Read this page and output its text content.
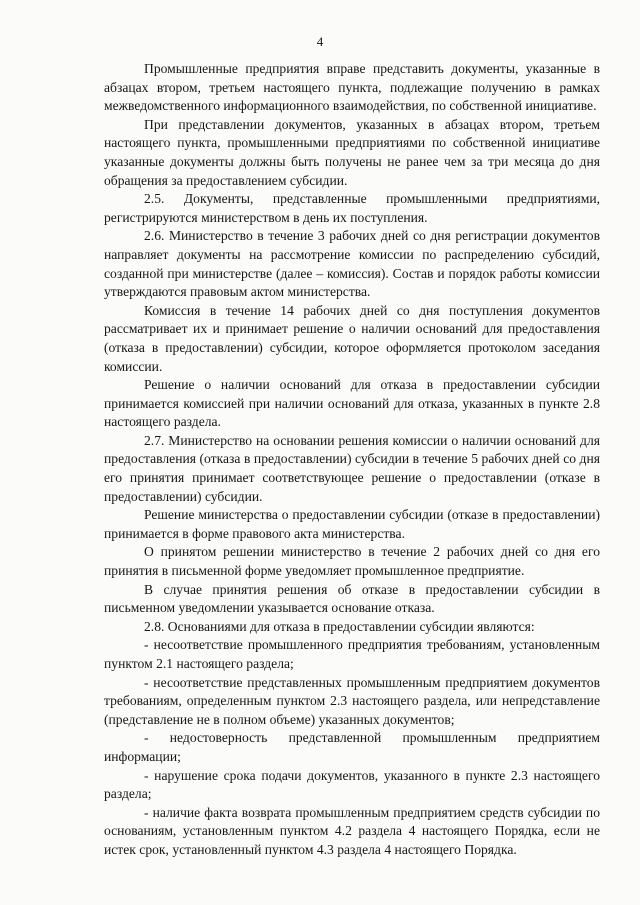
4

Промышленные предприятия вправе представить документы, указанные в абзацах втором, третьем настоящего пункта, подлежащие получению в рамках межведомственного информационного взаимодействия, по собственной инициативе.

При представлении документов, указанных в абзацах втором, третьем настоящего пункта, промышленными предприятиями по собственной инициативе указанные документы должны быть получены не ранее чем за три месяца до дня обращения за предоставлением субсидии.

2.5. Документы, представленные промышленными предприятиями, регистрируются министерством в день их поступления.

2.6. Министерство в течение 3 рабочих дней со дня регистрации документов направляет документы на рассмотрение комиссии по распределению субсидий, созданной при министерстве (далее – комиссия). Состав и порядок работы комиссии утверждаются правовым актом министерства.

Комиссия в течение 14 рабочих дней со дня поступления документов рассматривает их и принимает решение о наличии оснований для предоставления (отказа в предоставлении) субсидии, которое оформляется протоколом заседания комиссии.

Решение о наличии оснований для отказа в предоставлении субсидии принимается комиссией при наличии оснований для отказа, указанных в пункте 2.8 настоящего раздела.

2.7. Министерство на основании решения комиссии о наличии оснований для предоставления (отказа в предоставлении) субсидии в течение 5 рабочих дней со дня его принятия принимает соответствующее решение о предоставлении (отказе в предоставлении) субсидии.

Решение министерства о предоставлении субсидии (отказе в предоставлении) принимается в форме правового акта министерства.

О принятом решении министерство в течение 2 рабочих дней со дня его принятия в письменной форме уведомляет промышленное предприятие.

В случае принятия решения об отказе в предоставлении субсидии в письменном уведомлении указывается основание отказа.

2.8. Основаниями для отказа в предоставлении субсидии являются:

- несоответствие промышленного предприятия требованиям, установленным пунктом 2.1 настоящего раздела;

- несоответствие представленных промышленным предприятием документов требованиям, определенным пунктом 2.3 настоящего раздела, или непредставление (представление не в полном объеме) указанных документов;

- недостоверность представленной промышленным предприятием информации;

- нарушение срока подачи документов, указанного в пункте 2.3 настоящего раздела;

- наличие факта возврата промышленным предприятием средств субсидии по основаниям, установленным пунктом 4.2 раздела 4 настоящего Порядка, если не истек срок, установленный пунктом 4.3 раздела 4 настоящего Порядка.
